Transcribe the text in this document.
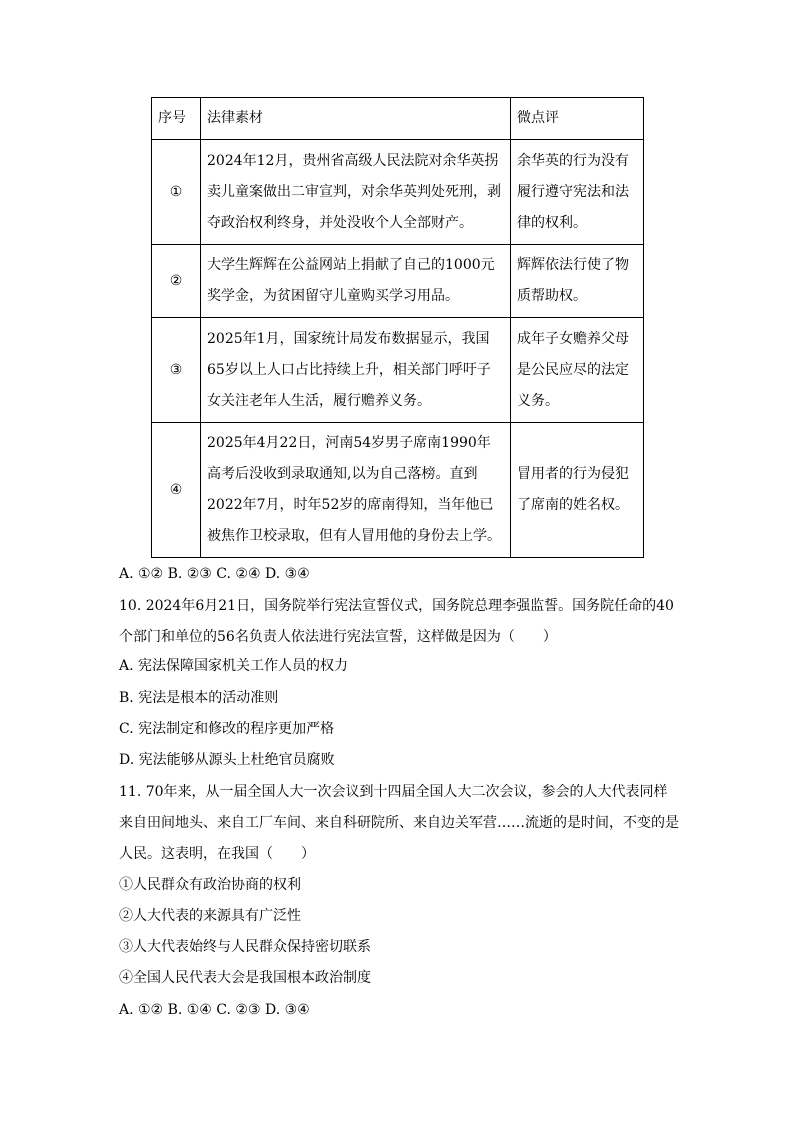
序号	法律素材	微点评
①	2024年12月，贵州省高级人民法院对余华英拐卖儿童案做出二审宣判，对余华英判处死刑，剥夺政治权利终身，并处没收个人全部财产。	余华英的行为没有履行遵守宪法和法律的权利。
②	大学生辉辉在公益网站上捐献了自己的1000元奖学金，为贫困留守儿童购买学习用品。	辉辉依法行使了物质帮助权。
③	2025年1月，国家统计局发布数据显示，我国65岁以上人口占比持续上升，相关部门呼吁子女关注老年人生活，履行赡养义务。	成年子女赡养父母是公民应尽的法定义务。
④	2025年4月22日，河南54岁男子席南1990年高考后没收到录取通知,以为自己落榜。直到2022年7月，时年52岁的席南得知，当年他已被焦作卫校录取，但有人冒用他的身份去上学。	冒用者的行为侵犯了席南的姓名权。
A. ①② B. ②③ C. ②④ D. ③④
10. 2024年6月21日，国务院举行宪法宣誓仪式，国务院总理李强监誓。国务院任命的40个部门和单位的56名负责人依法进行宪法宣誓，这样做是因为（　　）
A. 宪法保障国家机关工作人员的权力
B. 宪法是根本的活动准则
C. 宪法制定和修改的程序更加严格
D. 宪法能够从源头上杜绝官员腐败
11. 70年来，从一届全国人大一次会议到十四届全国人大二次会议，参会的人大代表同样来自田间地头、来自工厂车间、来自科研院所、来自边关军营……流逝的是时间，不变的是人民。这表明，在我国（　　）
①人民群众有政治协商的权利
②人大代表的来源具有广泛性
③人大代表始终与人民群众保持密切联系
④全国人民代表大会是我国根本政治制度
A. ①② B. ①④ C. ②③ D. ③④
